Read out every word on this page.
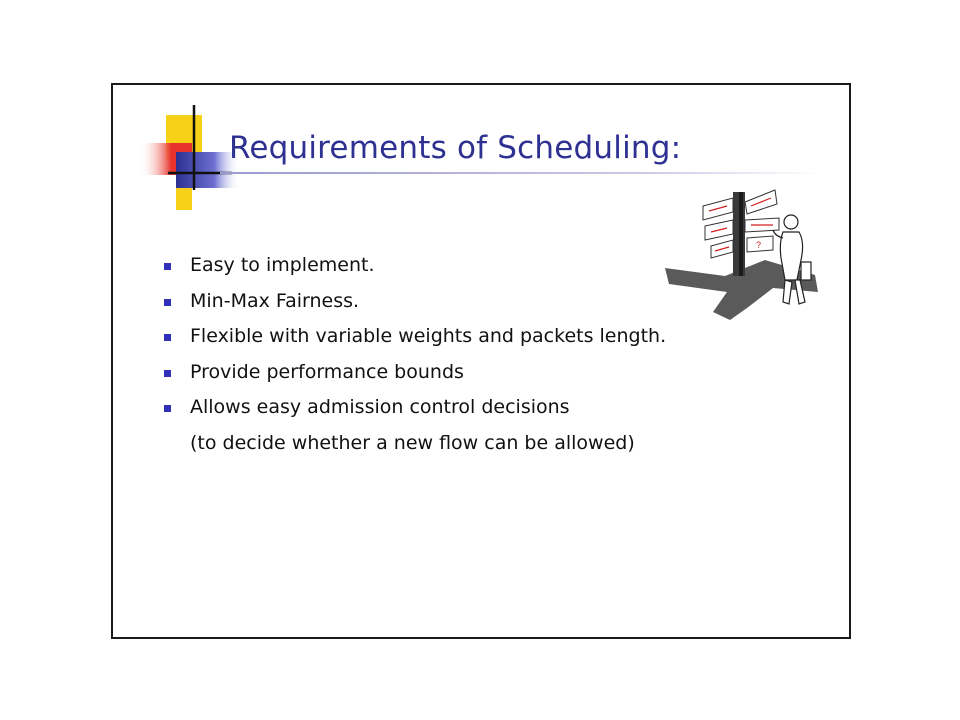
Requirements of Scheduling:
Easy to implement.
Min-Max Fairness.
Flexible with variable weights and packets length.
Provide performance bounds
Allows easy admission control decisions
(to decide whether a new flow can be allowed)
?
